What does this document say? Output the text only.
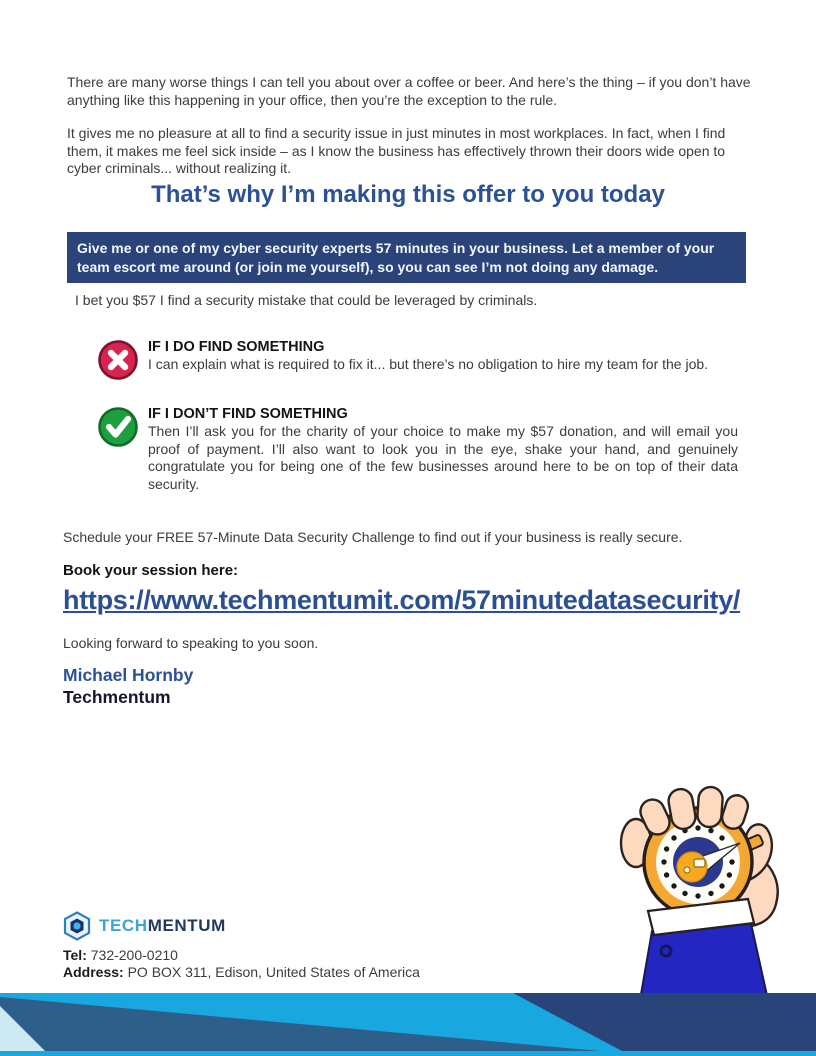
There are many worse things I can tell you about over a coffee or beer. And here’s the thing – if you don’t have anything like this happening in your office, then you’re the exception to the rule.

It gives me no pleasure at all to find a security issue in just minutes in most workplaces. In fact, when I find them, it makes me feel sick inside – as I know the business has effectively thrown their doors wide open to cyber criminals... without realizing it.

That’s why I’m making this offer to you today
Give me or one of my cyber security experts 57 minutes in your business. Let a member of your team escort me around (or join me yourself), so you can see I’m not doing any damage.
I bet you $57 I find a security mistake that could be leveraged by criminals.
IF I DO FIND SOMETHING
I can explain what is required to fix it... but there’s no obligation to hire my team for the job.
IF I DON’T FIND SOMETHING
Then I’ll ask you for the charity of your choice to make my $57 donation, and will email you proof of payment. I’ll also want to look you in the eye, shake your hand, and genuinely congratulate you for being one of the few businesses around here to be on top of their data security.
Schedule your FREE 57-Minute Data Security Challenge to find out if your business is really secure.
Book your session here:
https://www.techmentumit.com/57minutedatasecurity/
Looking forward to speaking to you soon.
Michael Hornby
Techmentum
TECHMENTUM
Tel: 732-200-0210
Address: PO BOX 311, Edison, United States of America
